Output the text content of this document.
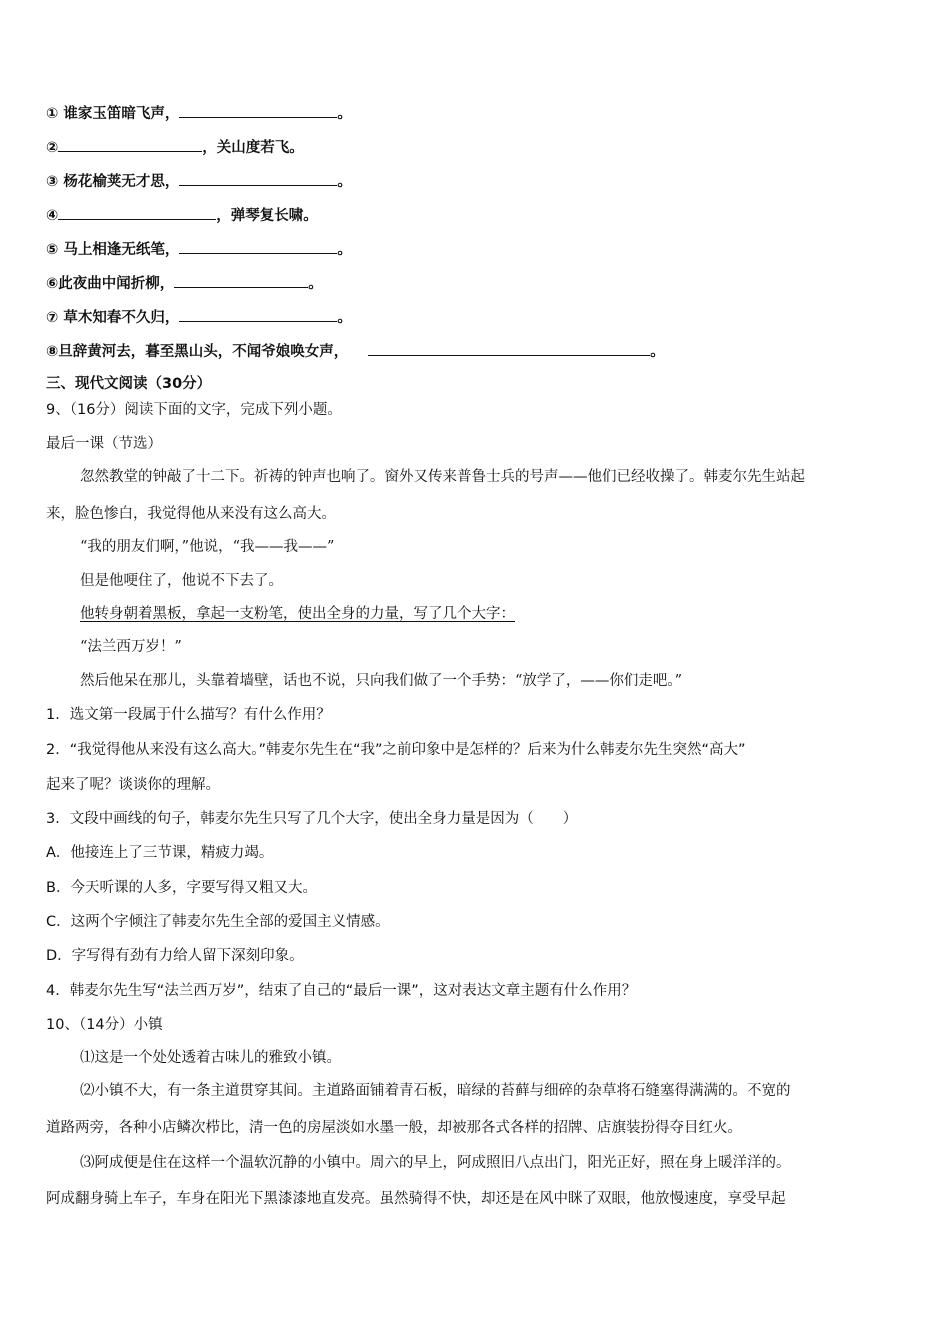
① 谁家玉笛暗飞声，	。
②	，关山度若飞。
③ 杨花榆荚无才思，	。
④	，弹琴复长啸。
⑤ 马上相逢无纸笔，	。
⑥此夜曲中闻折柳，	。
⑦ 草木知春不久归，	。
⑧旦辞黄河去，暮至黑山头，不闻爷娘唤女声，	。
三、现代文阅读（30分）
9、（16分）阅读下面的文字，完成下列小题。
最后一课（节选）
忽然教堂的钟敲了十二下。祈祷的钟声也响了。窗外又传来普鲁士兵的号声——他们已经收操了。韩麦尔先生站起
来，脸色惨白，我觉得他从来没有这么高大。
“我的朋友们啊，”他说，“我——我——”
但是他哽住了，他说不下去了。
他转身朝着黑板，拿起一支粉笔，使出全身的力量，写了几个大字：
“法兰西万岁！”
然后他呆在那儿，头靠着墙壁，话也不说，只向我们做了一个手势：“放学了，——你们走吧。”
1．选文第一段属于什么描写？有什么作用？
2．“我觉得他从来没有这么高大。”韩麦尔先生在“我”之前印象中是怎样的？后来为什么韩麦尔先生突然“高大”
起来了呢？谈谈你的理解。
3．文段中画线的句子，韩麦尔先生只写了几个大字，使出全身力量是因为（　　）
A．他接连上了三节课，精疲力竭。
B．今天听课的人多，字要写得又粗又大。
C．这两个字倾注了韩麦尔先生全部的爱国主义情感。
D．字写得有劲有力给人留下深刻印象。
4．韩麦尔先生写“法兰西万岁”，结束了自己的“最后一课”，这对表达文章主题有什么作用？
10、（14分）小镇
⑴这是一个处处透着古味儿的雅致小镇。
⑵小镇不大，有一条主道贯穿其间。主道路面铺着青石板，暗绿的苔藓与细碎的杂草将石缝塞得满满的。不宽的
道路两旁，各种小店鳞次栉比，清一色的房屋淡如水墨一般，却被那各式各样的招牌、店旗装扮得夺目红火。
⑶阿成便是住在这样一个温软沉静的小镇中。周六的早上，阿成照旧八点出门，阳光正好，照在身上暖洋洋的。
阿成翻身骑上车子，车身在阳光下黑漆漆地直发亮。虽然骑得不快，却还是在风中眯了双眼，他放慢速度，享受早起
